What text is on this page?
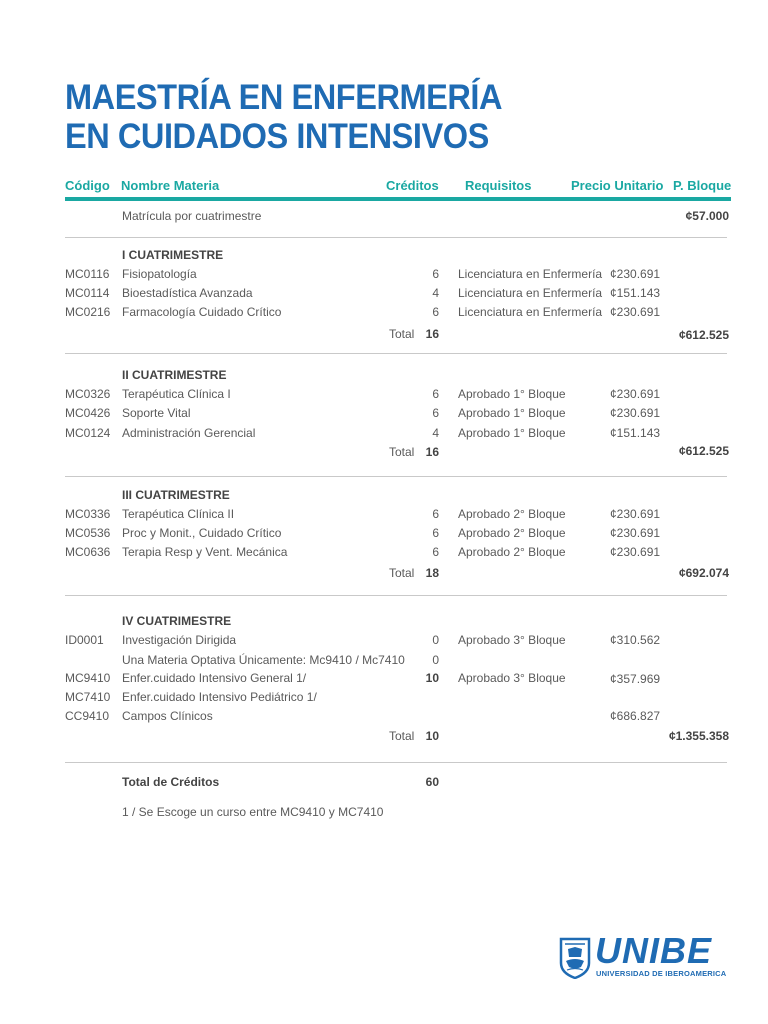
MAESTRÍA EN ENFERMERÍA
EN CUIDADOS INTENSIVOS
Código Nombre Materia	Créditos Requisitos	Precio Unitario P. Bloque
Matrícula por cuatrimestre	¢57.000
I CUATRIMESTRE
MC0116 Fisiopatología	6 Licenciatura en Enfermería ¢230.691
MC0114 Bioestadística Avanzada	4 Licenciatura en Enfermería ¢151.143
MC0216 Farmacología Cuidado Crítico	6 Licenciatura en Enfermería ¢230.691
Total 16	¢612.525
II CUATRIMESTRE
MC0326 Terapéutica Clínica I	6 Aprobado 1° Bloque	¢230.691
MC0426 Soporte Vital	6 Aprobado 1° Bloque	¢230.691
MC0124 Administración Gerencial	4 Aprobado 1° Bloque	¢151.143
Total 16	¢612.525
III CUATRIMESTRE
MC0336 Terapéutica Clínica II	6 Aprobado 2° Bloque	¢230.691
MC0536 Proc y Monit., Cuidado Crítico	6 Aprobado 2° Bloque	¢230.691
MC0636 Terapia Resp y Vent. Mecánica	6 Aprobado 2° Bloque	¢230.691
Total 18	¢692.074
IV CUATRIMESTRE
ID0001 Investigación Dirigida	0 Aprobado 3° Bloque	¢310.562
Una Materia Optativa Únicamente: Mc9410 / Mc7410 0
MC9410 Enfer.cuidado Intensivo General 1/	10 Aprobado 3° Bloque	¢357.969
MC7410 Enfer.cuidado Intensivo Pediátrico 1/
CC9410 Campos Clínicos	¢686.827
Total 10	¢1.355.358
Total de Créditos	60
1 / Se Escoge un curso entre MC9410 y MC7410
UNIBE
UNIVERSIDAD DE IBEROAMERICA
